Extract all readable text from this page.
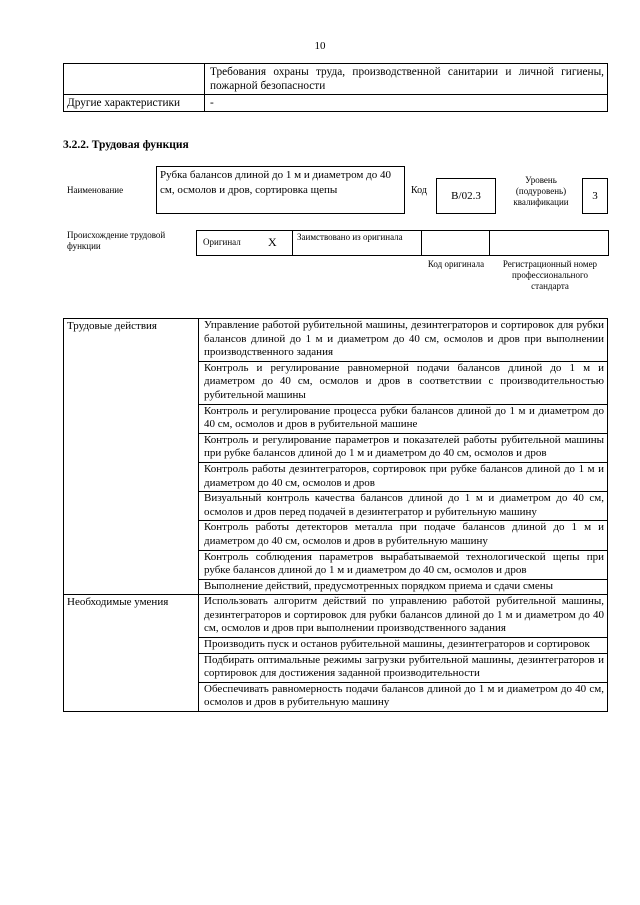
10
	Требования охраны труда, производственной санитарии и личной гигиены, пожарной безопасности
Другие характеристики	-
3.2.2. Трудовая функция
Наименование
Рубка балансов длиной до 1 м и диаметром до 40 см, осмолов и дров, сортировка щепы	Код	B/02.3
Уровень (подуровень) квалификации	3
Происхождение трудовой функции	Оригинал X Заимствовано из оригинала
Код оригинала	Регистрационный номер профессионального стандарта
Трудовые действия	Управление работой рубительной машины, дезинтеграторов и сортировок для рубки балансов длиной до 1 м и диаметром до 40 см, осмолов и дров при выполнении производственного задания
	Контроль и регулирование равномерной подачи балансов длиной до 1 м и диаметром до 40 см, осмолов и дров в соответствии с производительностью рубительной машины
	Контроль и регулирование процесса рубки балансов длиной до 1 м и диаметром до 40 см, осмолов и дров в рубительной машине
	Контроль и регулирование параметров и показателей работы рубительной машины при рубке балансов длиной до 1 м и диаметром до 40 см, осмолов и дров
	Контроль работы дезинтеграторов, сортировок при рубке балансов длиной до 1 м и диаметром до 40 см, осмолов и дров
	Визуальный контроль качества балансов длиной до 1 м и диаметром до 40 см, осмолов и дров перед подачей в дезинтегратор и рубительную машину
	Контроль работы детекторов металла при подаче балансов длиной до 1 м и диаметром до 40 см, осмолов и дров в рубительную машину
	Контроль соблюдения параметров вырабатываемой технологической щепы при рубке балансов длиной до 1 м и диаметром до 40 см, осмолов и дров
	Выполнение действий, предусмотренных порядком приема и сдачи смены
Необходимые умения	Использовать алгоритм действий по управлению работой рубительной машины, дезинтеграторов и сортировок для рубки балансов длиной до 1 м и диаметром до 40 см, осмолов и дров при выполнении производственного задания
	Производить пуск и останов рубительной машины, дезинтеграторов и сортировок
	Подбирать оптимальные режимы загрузки рубительной машины, дезинтеграторов и сортировок для достижения заданной производительности
	Обеспечивать равномерность подачи балансов длиной до 1 м и диаметром до 40 см, осмолов и дров в рубительную машину
